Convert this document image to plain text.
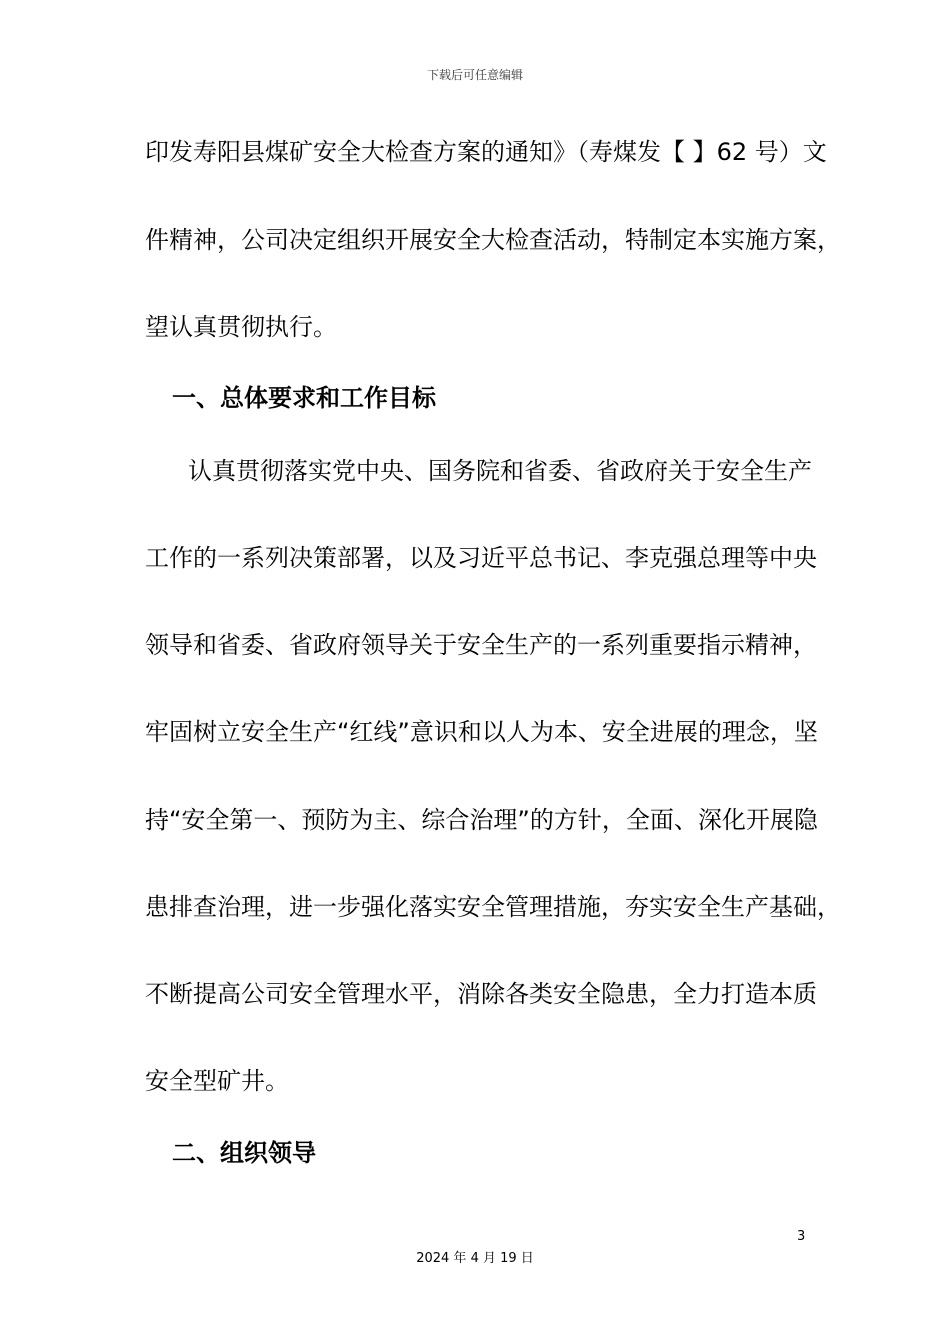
下载后可任意编辑
印发寿阳县煤矿安全大检查方案的通知》（寿煤发【 】62 号）文
件精神，公司决定组织开展安全大检查活动，特制定本实施方案，
望认真贯彻执行。
一、总体要求和工作目标
认真贯彻落实党中央、国务院和省委、省政府关于安全生产
工作的一系列决策部署，以及习近平总书记、李克强总理等中央
领导和省委、省政府领导关于安全生产的一系列重要指示精神，
牢固树立安全生产“红线”意识和以人为本、安全进展的理念，坚
持“安全第一、预防为主、综合治理”的方针，全面、深化开展隐
患排查治理，进一步强化落实安全管理措施，夯实安全生产基础，
不断提高公司安全管理水平，消除各类安全隐患，全力打造本质
安全型矿井。
二、组织领导
3
2024 年 4 月 19 日
